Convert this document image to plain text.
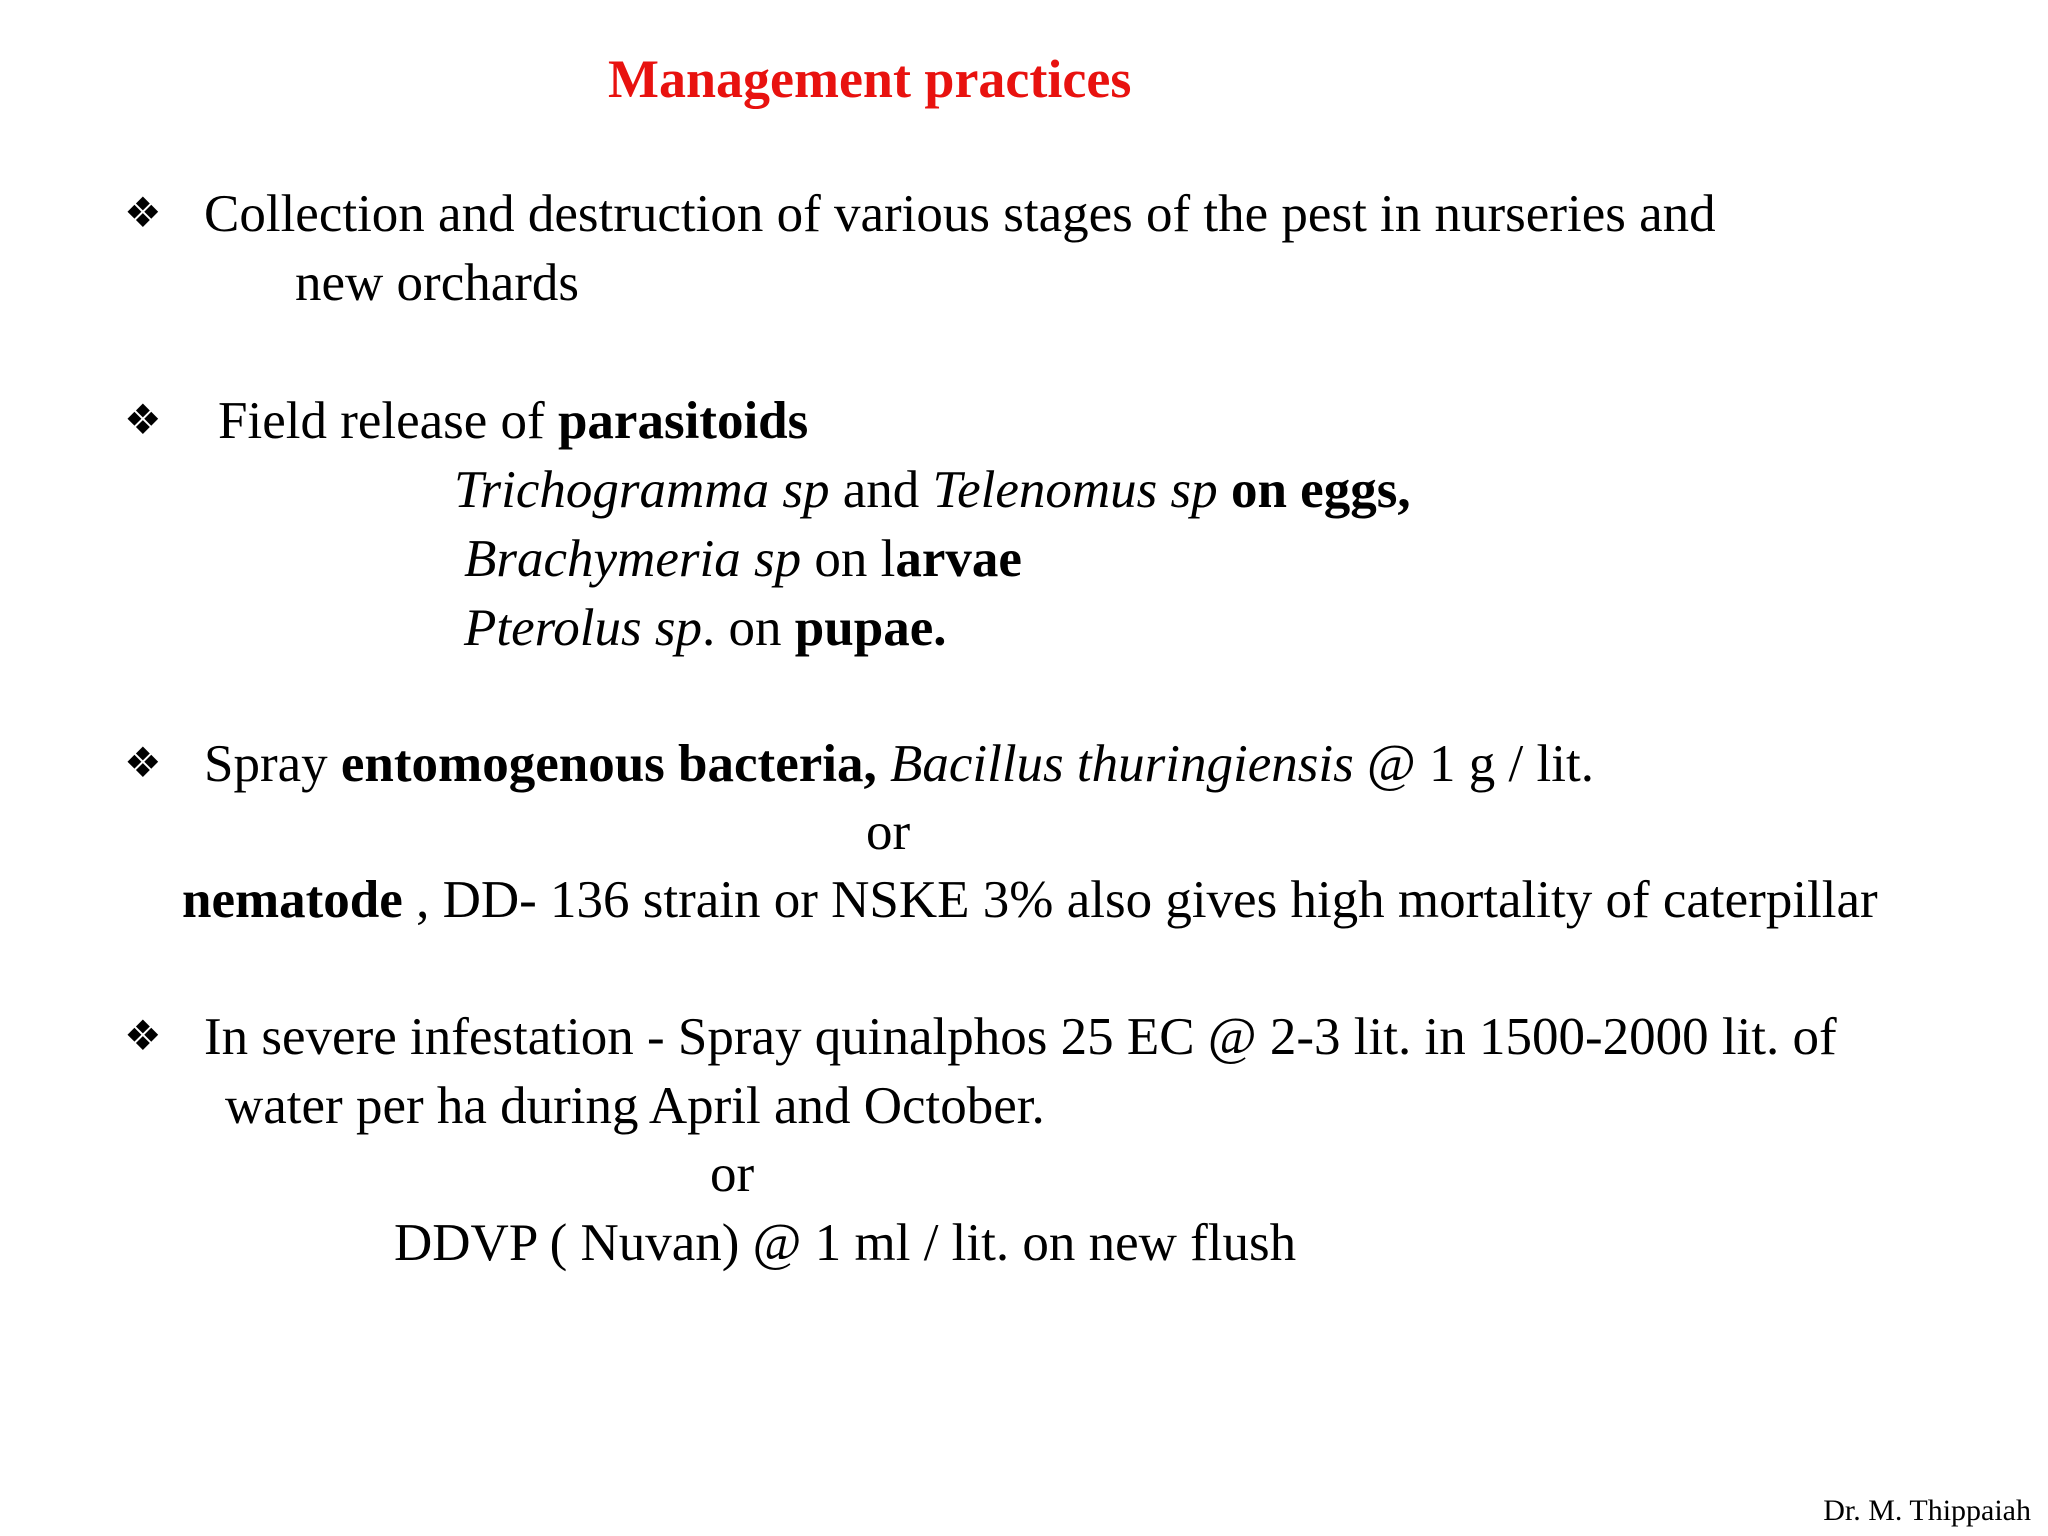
Management practices
❖ Collection and destruction of various stages of the pest in nurseries and
new orchards
❖ Field release of parasitoids
Trichogramma sp and Telenomus sp on eggs,
Brachymeria sp on larvae
Pterolus sp. on pupae.
❖ Spray entomogenous bacteria, Bacillus thuringiensis @ 1 g / lit.
or
nematode , DD- 136 strain or NSKE 3% also gives high mortality of caterpillar
❖ In severe infestation - Spray quinalphos 25 EC @ 2-3 lit. in 1500-2000 lit. of
water per ha during April and October.
or
DDVP ( Nuvan) @ 1 ml / lit. on new flush
Dr. M. Thippaiah
